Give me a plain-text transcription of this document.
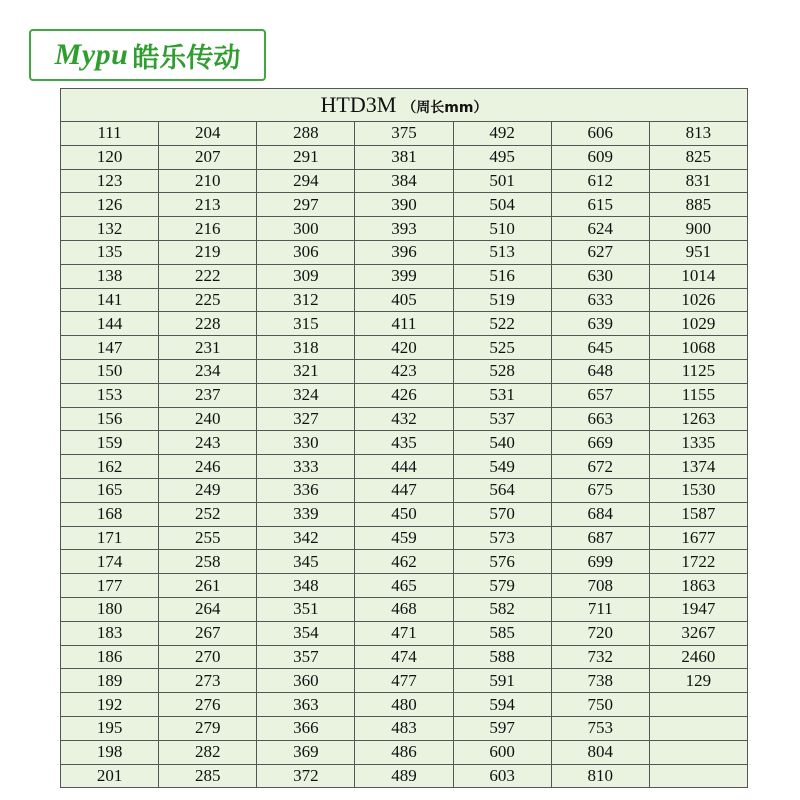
Mypu 皓乐传动
HTD3M （周长mm）						
111	204	288	375	492	606	813
120	207	291	381	495	609	825
123	210	294	384	501	612	831
126	213	297	390	504	615	885
132	216	300	393	510	624	900
135	219	306	396	513	627	951
138	222	309	399	516	630	1014
141	225	312	405	519	633	1026
144	228	315	411	522	639	1029
147	231	318	420	525	645	1068
150	234	321	423	528	648	1125
153	237	324	426	531	657	1155
156	240	327	432	537	663	1263
159	243	330	435	540	669	1335
162	246	333	444	549	672	1374
165	249	336	447	564	675	1530
168	252	339	450	570	684	1587
171	255	342	459	573	687	1677
174	258	345	462	576	699	1722
177	261	348	465	579	708	1863
180	264	351	468	582	711	1947
183	267	354	471	585	720	3267
186	270	357	474	588	732	2460
189	273	360	477	591	738	129
192	276	363	480	594	750	
195	279	366	483	597	753	
198	282	369	486	600	804	
201	285	372	489	603	810	
